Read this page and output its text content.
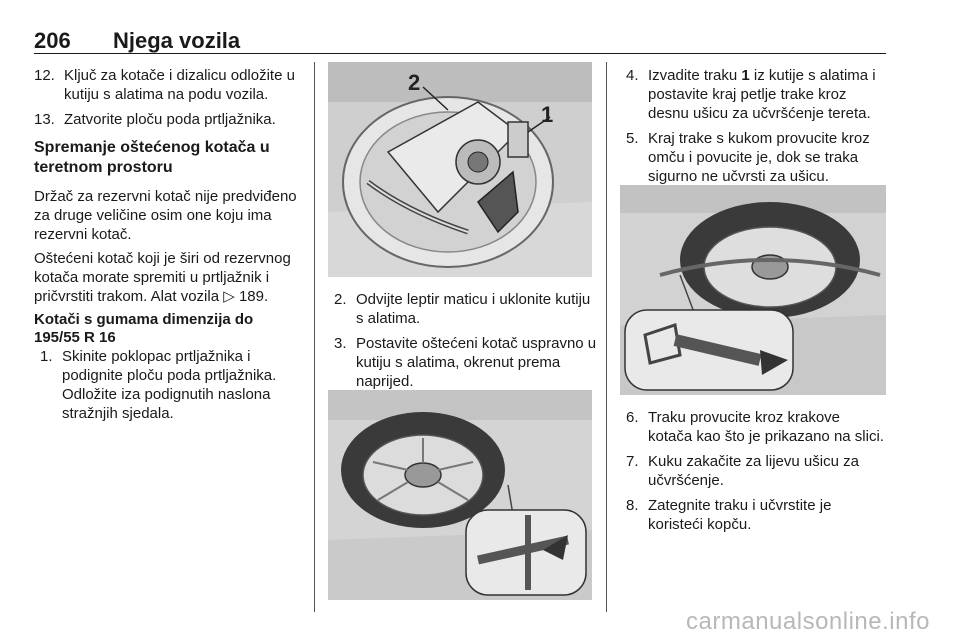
206 Njega vozila
12. Ključ za kotače i dizalicu odložite u kutiju s alatima na podu vozila.
13. Zatvorite ploču poda prtljažnika.
Spremanje oštećenog kotača u teretnom prostoru

Držač za rezervni kotač nije predviđeno za druge veličine osim one koju ima rezervni kotač.

Oštećeni kotač koji je širi od rezervnog kotača morate spremiti u prtljažnik i pričvrstiti trakom. Alat vozila ▷ 189.

Kotači s gumama dimenzija do 195/55 R 16
1. Skinite poklopac prtljažnika i podignite ploču poda prtljažnika. Odložite iza podignutih naslona stražnjih sjedala.
1
2
2. Odvijte leptir maticu i uklonite kutiju s alatima.
3. Postavite oštećeni kotač uspravno u kutiju s alatima, okrenut prema naprijed.
4. Izvadite traku 1 iz kutije s alatima i postavite kraj petlje trake kroz desnu ušicu za učvršćenje tereta.
5. Kraj trake s kukom provucite kroz omču i povucite je, dok se traka sigurno ne učvrsti za ušicu.
6. Traku provucite kroz krakove kotača kao što je prikazano na slici.
7. Kuku zakačite za lijevu ušicu za učvršćenje.
8. Zategnite traku i učvrstite je koristeći kopču.
carmanualsonline.info
